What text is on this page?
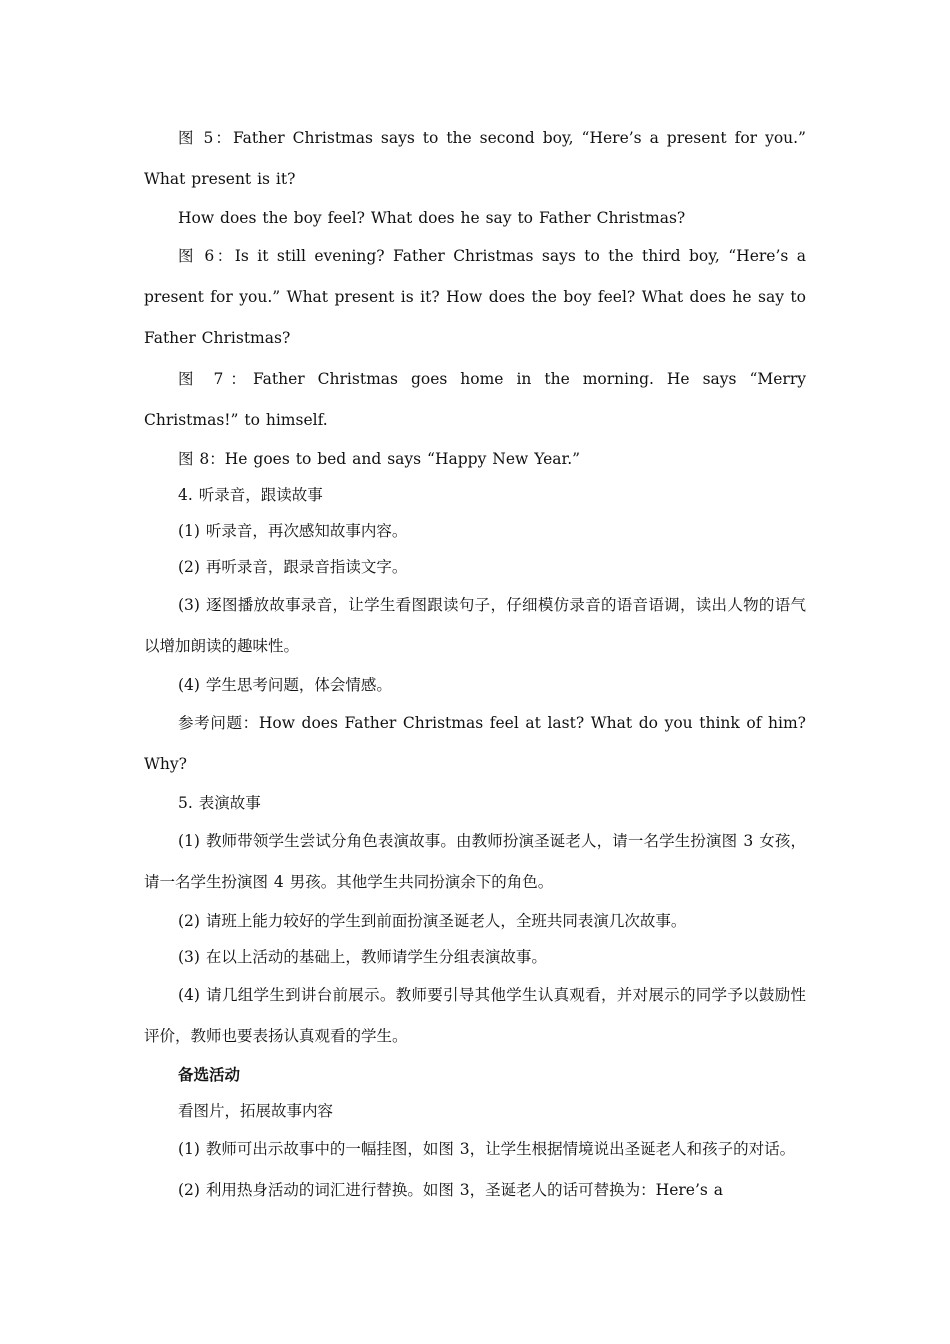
图 5：Father Christmas says to the second boy, “Here’s a present for you.” What present is it?

How does the boy feel? What does he say to Father Christmas?

图 6：Is it still evening? Father Christmas says to the third boy, “Here’s a present for you.” What present is it? How does the boy feel? What does he say to Father Christmas?

图 7：Father Christmas goes home in the morning. He says “Merry Christmas!” to himself.

图 8：He goes to bed and says “Happy New Year.”

4. 听录音，跟读故事

(1) 听录音，再次感知故事内容。

(2) 再听录音，跟录音指读文字。

(3) 逐图播放故事录音，让学生看图跟读句子，仔细模仿录音的语音语调，读出人物的语气以增加朗读的趣味性。

(4) 学生思考问题，体会情感。

参考问题：How does Father Christmas feel at last? What do you think of him? Why?

5. 表演故事

(1) 教师带领学生尝试分角色表演故事。由教师扮演圣诞老人，请一名学生扮演图 3 女孩，请一名学生扮演图 4 男孩。其他学生共同扮演余下的角色。

(2) 请班上能力较好的学生到前面扮演圣诞老人，全班共同表演几次故事。

(3) 在以上活动的基础上，教师请学生分组表演故事。

(4) 请几组学生到讲台前展示。教师要引导其他学生认真观看，并对展示的同学予以鼓励性评价，教师也要表扬认真观看的学生。

备选活动

看图片，拓展故事内容

(1) 教师可出示故事中的一幅挂图，如图 3，让学生根据情境说出圣诞老人和孩子的对话。

(2) 利用热身活动的词汇进行替换。如图 3，圣诞老人的话可替换为：Here’s a
